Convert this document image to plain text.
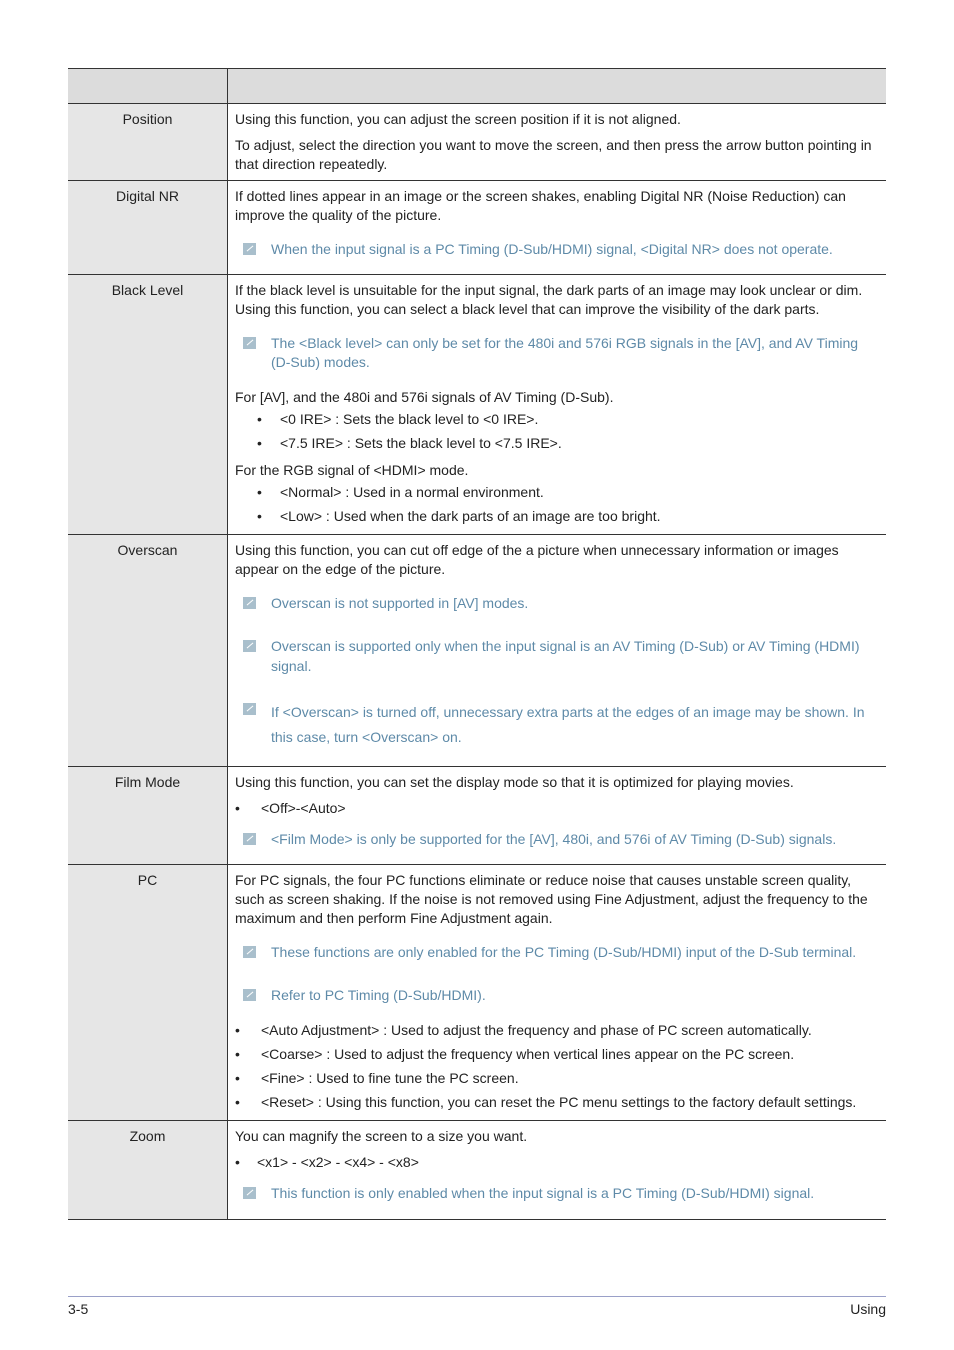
Position	Using this function, you can adjust the screen position if it is not aligned.

To adjust, select the direction you want to move the screen, and then press the arrow button pointing in that direction repeatedly.

Digital NR	If dotted lines appear in an image or the screen shakes, enabling Digital NR (Noise Reduction) can improve the quality of the picture.

When the input signal is a PC Timing (D-Sub/HDMI) signal, <Digital NR> does not operate.
Black Level	If the black level is unsuitable for the input signal, the dark parts of an image may look unclear or dim. Using this function, you can select a black level that can improve the visibility of the dark parts.

The <Black level> can only be set for the 480i and 576i RGB signals in the [AV], and AV Timing (D-Sub) modes.

For [AV], and the 480i and 576i signals of AV Timing (D-Sub).

• <0 IRE> : Sets the black level to <0 IRE>.
• <7.5 IRE> : Sets the black level to <7.5 IRE>.

For the RGB signal of <HDMI> mode.

• <Normal> : Used in a normal environment.
• <Low> : Used when the dark parts of an image are too bright.
Overscan	Using this function, you can cut off edge of the a picture when unnecessary information or images appear on the edge of the picture.

Overscan is not supported in [AV] modes.
Overscan is supported only when the input signal is an AV Timing (D-Sub) or AV Timing (HDMI) signal.
If <Overscan> is turned off, unnecessary extra parts at the edges of an image may be shown. In this case, turn <Overscan> on.
Film Mode	Using this function, you can set the display mode so that it is optimized for playing movies.

• <Off>-<Auto>
<Film Mode> is only be supported for the [AV], 480i, and 576i of AV Timing (D-Sub) signals.
PC	For PC signals, the four PC functions eliminate or reduce noise that causes unstable screen quality, such as screen shaking. If the noise is not removed using Fine Adjustment, adjust the frequency to the maximum and then perform Fine Adjustment again.

These functions are only enabled for the PC Timing (D-Sub/HDMI) input of the D-Sub terminal.
Refer to PC Timing (D-Sub/HDMI).
• <Auto Adjustment> : Used to adjust the frequency and phase of PC screen automatically.
• <Coarse> : Used to adjust the frequency when vertical lines appear on the PC screen.
• <Fine> : Used to fine tune the PC screen.
• <Reset> : Using this function, you can reset the PC menu settings to the factory default settings.
Zoom	You can magnify the screen to a size you want.

• <x1> - <x2> - <x4> - <x8>
This function is only enabled when the input signal is a PC Timing (D-Sub/HDMI) signal.
3-5	Using
